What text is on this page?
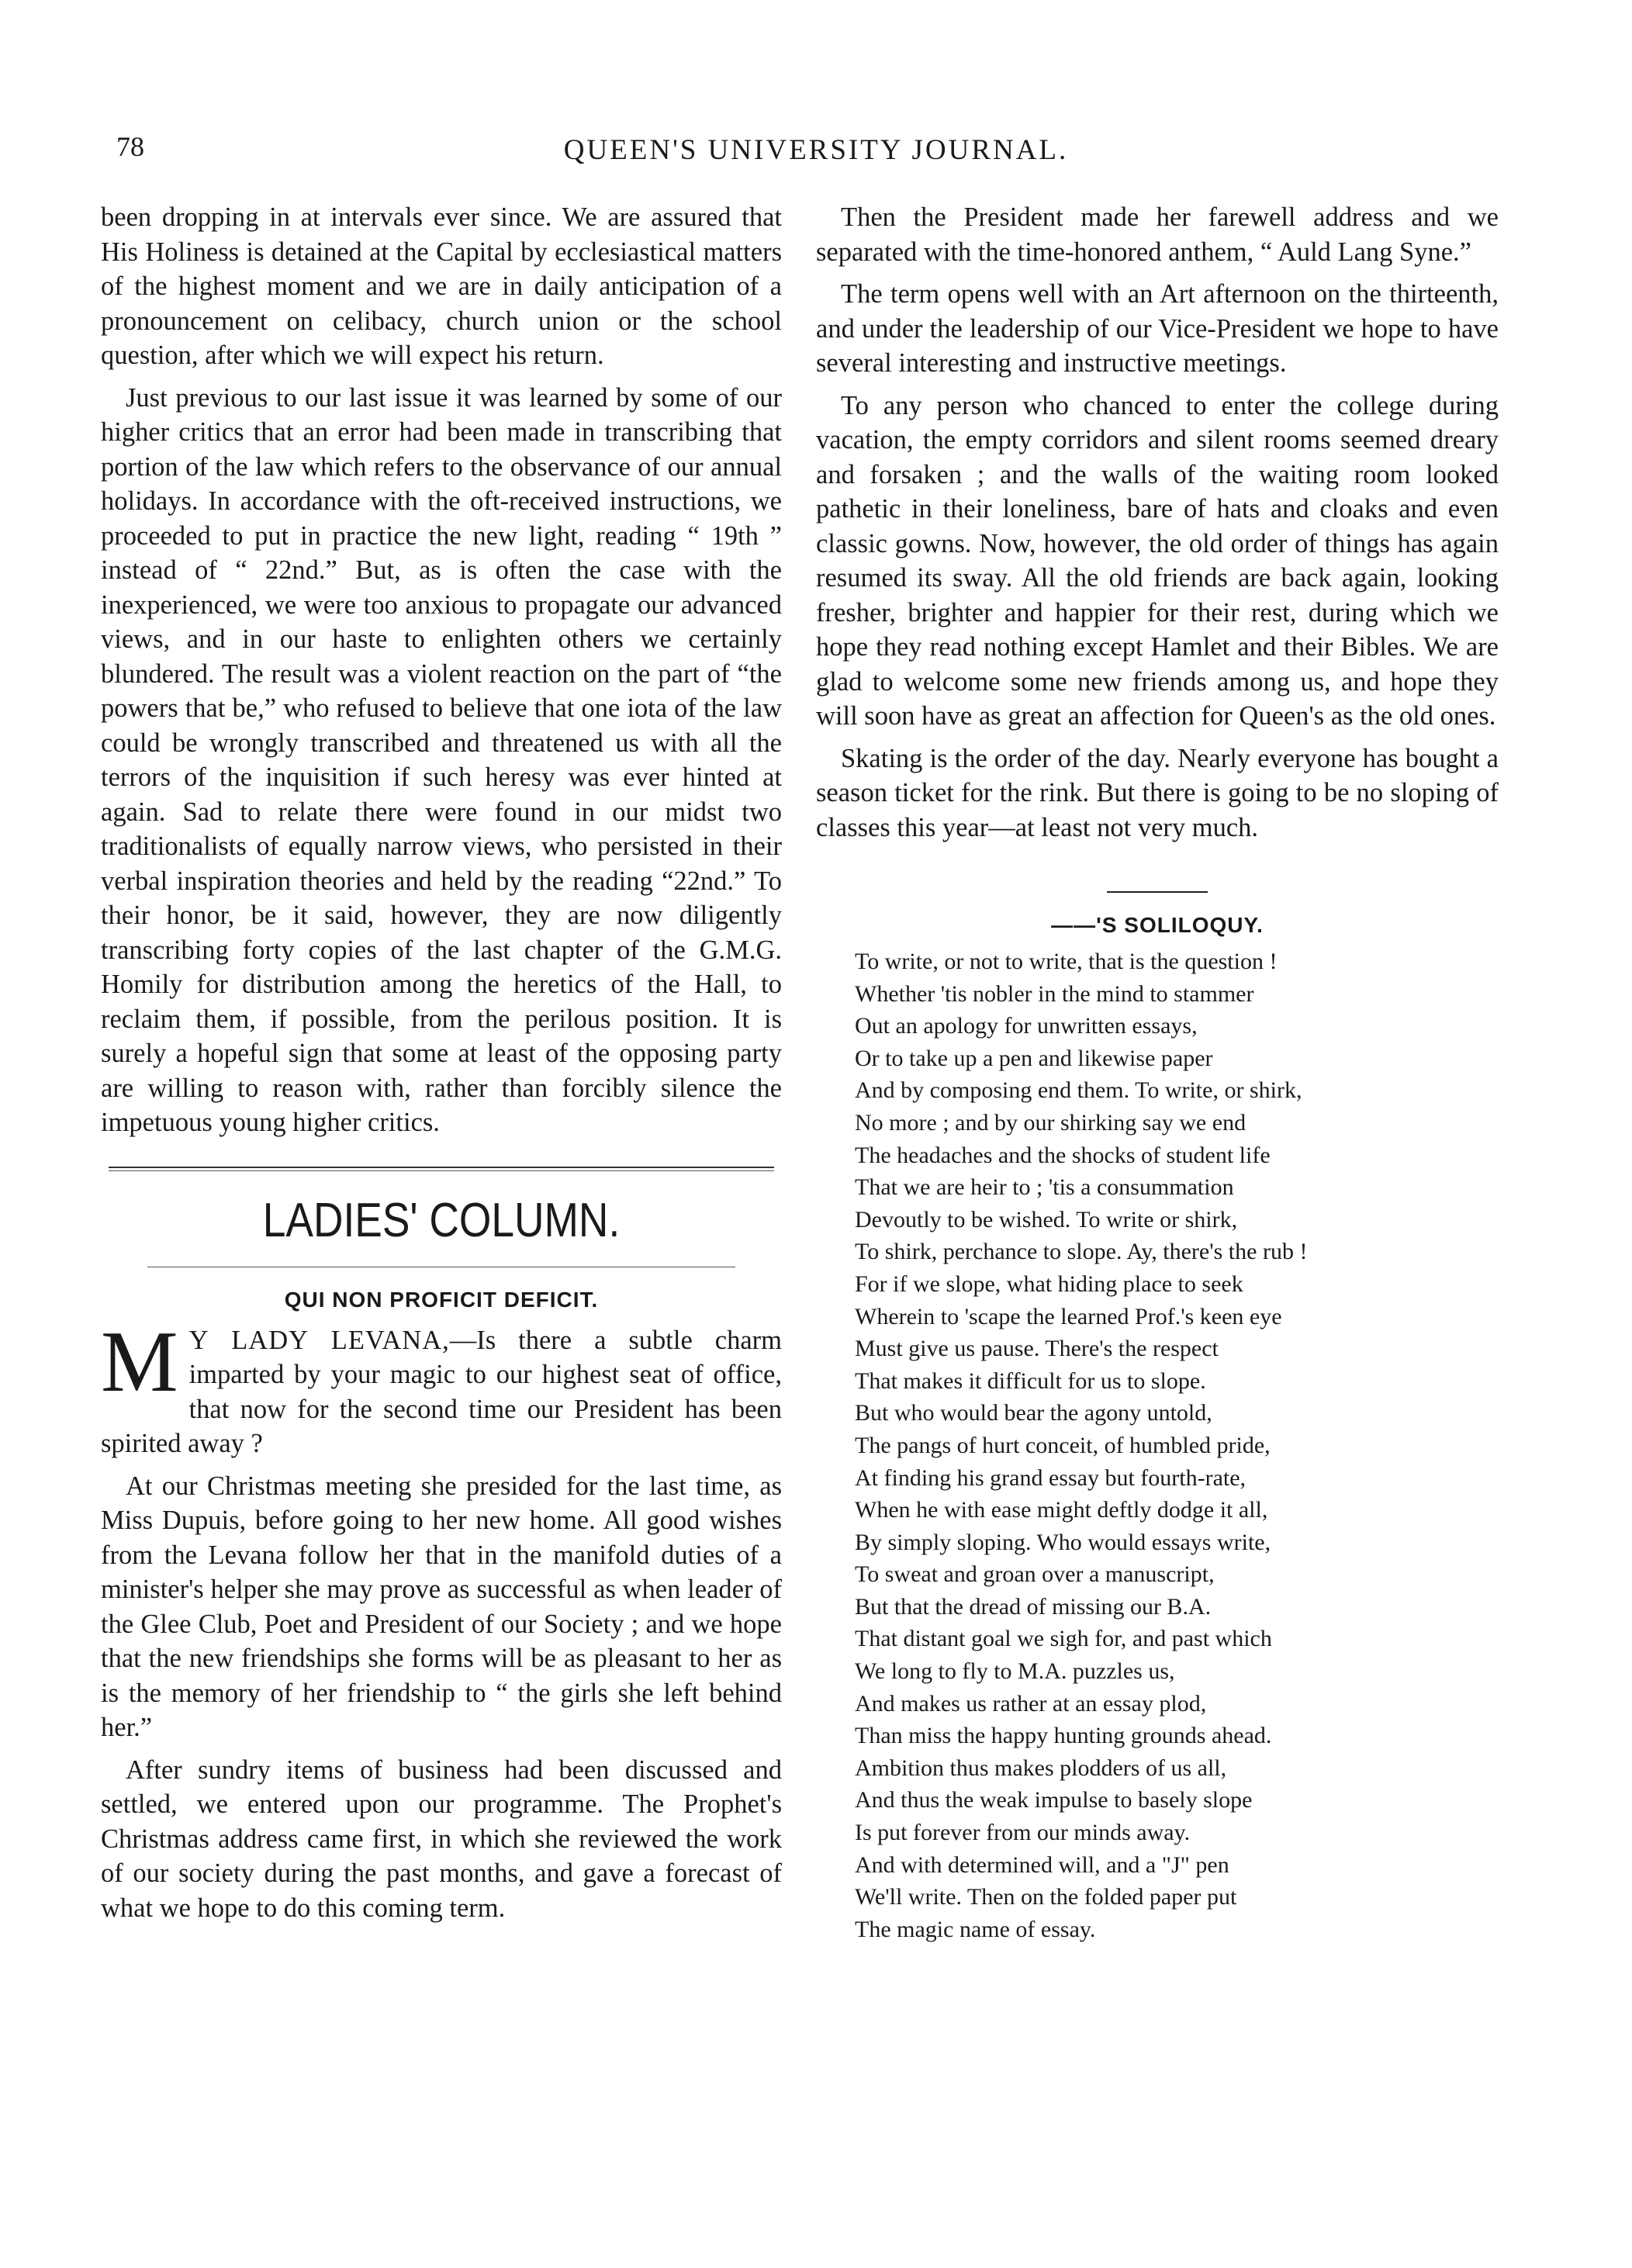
78	QUEEN'S UNIVERSITY JOURNAL.

been dropping in at intervals ever since. We are assured that His Holiness is detained at the Capital by ecclesiastical matters of the highest moment and we are in daily anticipation of a pronouncement on celibacy, church union or the school question, after which we will expect his return.

Just previous to our last issue it was learned by some of our higher critics that an error had been made in transcribing that portion of the law which refers to the observance of our annual holidays. In accordance with the oft-received instructions, we proceeded to put in practice the new light, reading “ 19th ” instead of “ 22nd.” But, as is often the case with the inexperienced, we were too anxious to propagate our advanced views, and in our haste to enlighten others we certainly blundered. The result was a violent reaction on the part of “the powers that be,” who refused to believe that one iota of the law could be wrongly transcribed and threatened us with all the terrors of the inquisition if such heresy was ever hinted at again. Sad to relate there were found in our midst two traditionalists of equally narrow views, who persisted in their verbal inspiration theories and held by the reading “22nd.” To their honor, be it said, however, they are now diligently transcribing forty copies of the last chapter of the G.M.G. Homily for distribution among the heretics of the Hall, to reclaim them, if possible, from the perilous position. It is surely a hopeful sign that some at least of the opposing party are willing to reason with, rather than forcibly silence the impetuous young higher critics.

LADIES' COLUMN.
QUI NON PROFICIT DEFICIT.

M Y LADY LEVANA,—Is there a subtle charm imparted by your magic to our highest seat of office, that now for the second time our President has been spirited away ?

At our Christmas meeting she presided for the last time, as Miss Dupuis, before going to her new home. All good wishes from the Levana follow her that in the manifold duties of a minister's helper she may prove as successful as when leader of the Glee Club, Poet and President of our Society ; and we hope that the new friendships she forms will be as pleasant to her as is the memory of her friendship to “ the girls she left behind her.”

After sundry items of business had been discussed and settled, we entered upon our programme. The Prophet's Christmas address came first, in which she reviewed the work of our society during the past months, and gave a forecast of what we hope to do this coming term.

Then the President made her farewell address and we separated with the time-honored anthem, “ Auld Lang Syne.”

The term opens well with an Art afternoon on the thirteenth, and under the leadership of our Vice-President we hope to have several interesting and instructive meetings.

To any person who chanced to enter the college during vacation, the empty corridors and silent rooms seemed dreary and forsaken ; and the walls of the waiting room looked pathetic in their loneliness, bare of hats and cloaks and even classic gowns. Now, however, the old order of things has again resumed its sway. All the old friends are back again, looking fresher, brighter and happier for their rest, during which we hope they read nothing except Hamlet and their Bibles. We are glad to welcome some new friends among us, and hope they will soon have as great an affection for Queen's as the old ones.

Skating is the order of the day. Nearly everyone has bought a season ticket for the rink. But there is going to be no sloping of classes this year—at least not very much.

——'S SOLILOQUY.
To write, or not to write, that is the question !
Whether 'tis nobler in the mind to stammer
Out an apology for unwritten essays,
Or to take up a pen and likewise paper
And by composing end them. To write, or shirk,
No more ; and by our shirking say we end
The headaches and the shocks of student life
That we are heir to ; 'tis a consummation
Devoutly to be wished. To write or shirk,
To shirk, perchance to slope. Ay, there's the rub !
For if we slope, what hiding place to seek
Wherein to 'scape the learned Prof.'s keen eye
Must give us pause. There's the respect
That makes it difficult for us to slope.
But who would bear the agony untold,
The pangs of hurt conceit, of humbled pride,
At finding his grand essay but fourth-rate,
When he with ease might deftly dodge it all,
By simply sloping. Who would essays write,
To sweat and groan over a manuscript,
But that the dread of missing our B.A.
That distant goal we sigh for, and past which
We long to fly to M.A. puzzles us,
And makes us rather at an essay plod,
Than miss the happy hunting grounds ahead.
Ambition thus makes plodders of us all,
And thus the weak impulse to basely slope
Is put forever from our minds away.
And with determined will, and a "J" pen
We'll write. Then on the folded paper put
The magic name of essay.
